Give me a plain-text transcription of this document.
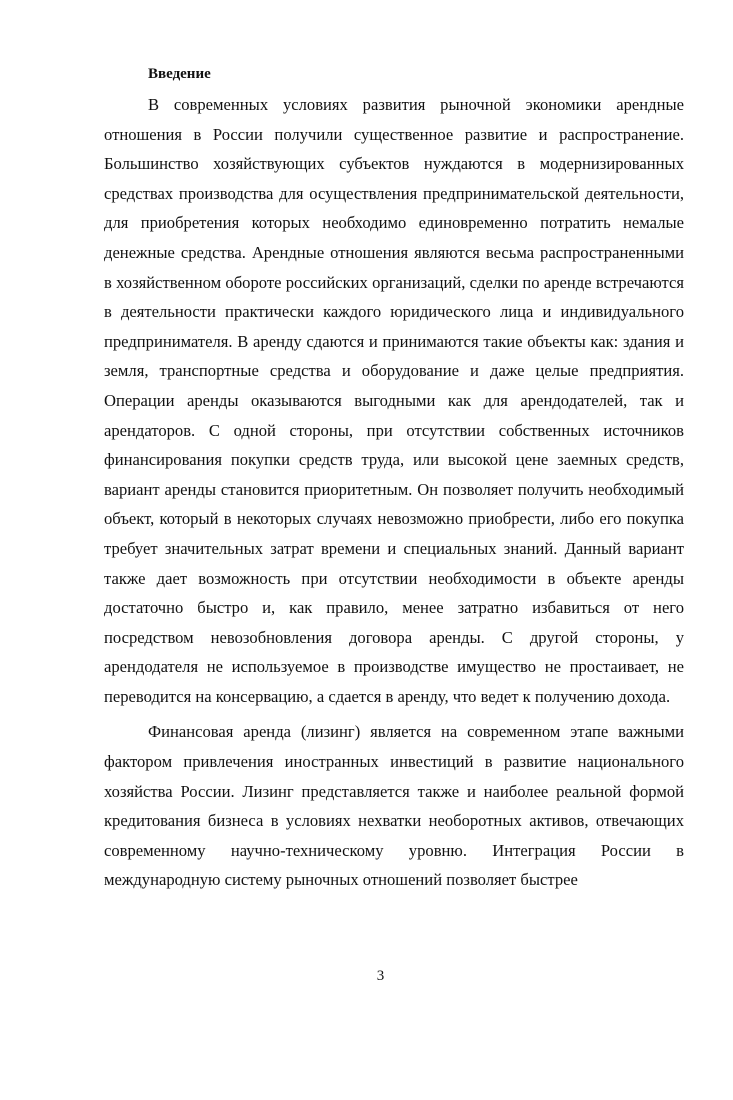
Введение

В современных условиях развития рыночной экономики арендные отношения в России получили существенное развитие и распространение. Большинство хозяйствующих субъектов нуждаются в модернизированных средствах производства для осуществления предпринимательской деятельности, для приобретения которых необходимо единовременно потратить немалые денежные средства. Арендные отношения являются весьма распространенными в хозяйственном обороте российских организаций, сделки по аренде встречаются в деятельности практически каждого юридического лица и индивидуального предпринимателя. В аренду сдаются и принимаются такие объекты как: здания и земля, транспортные средства и оборудование и даже целые предприятия. Операции аренды оказываются выгодными как для арендодателей, так и арендаторов. С одной стороны, при отсутствии собственных источников финансирования покупки средств труда, или высокой цене заемных средств, вариант аренды становится приоритетным. Он позволяет получить необходимый объект, который в некоторых случаях невозможно приобрести, либо его покупка требует значительных затрат времени и специальных знаний. Данный вариант также дает возможность при отсутствии необходимости в объекте аренды достаточно быстро и, как правило, менее затратно избавиться от него посредством невозобновления договора аренды. С другой стороны, у арендодателя не используемое в производстве имущество не простаивает, не переводится на консервацию, а сдается в аренду, что ведет к получению дохода.

Финансовая аренда (лизинг) является на современном этапе важными фактором привлечения иностранных инвестиций в развитие национального хозяйства России. Лизинг представляется также и наиболее реальной формой кредитования бизнеса в условиях нехватки необоротных активов, отвечающих современному научно-техническому уровню. Интеграция России в международную систему рыночных отношений позволяет быстрее

3
